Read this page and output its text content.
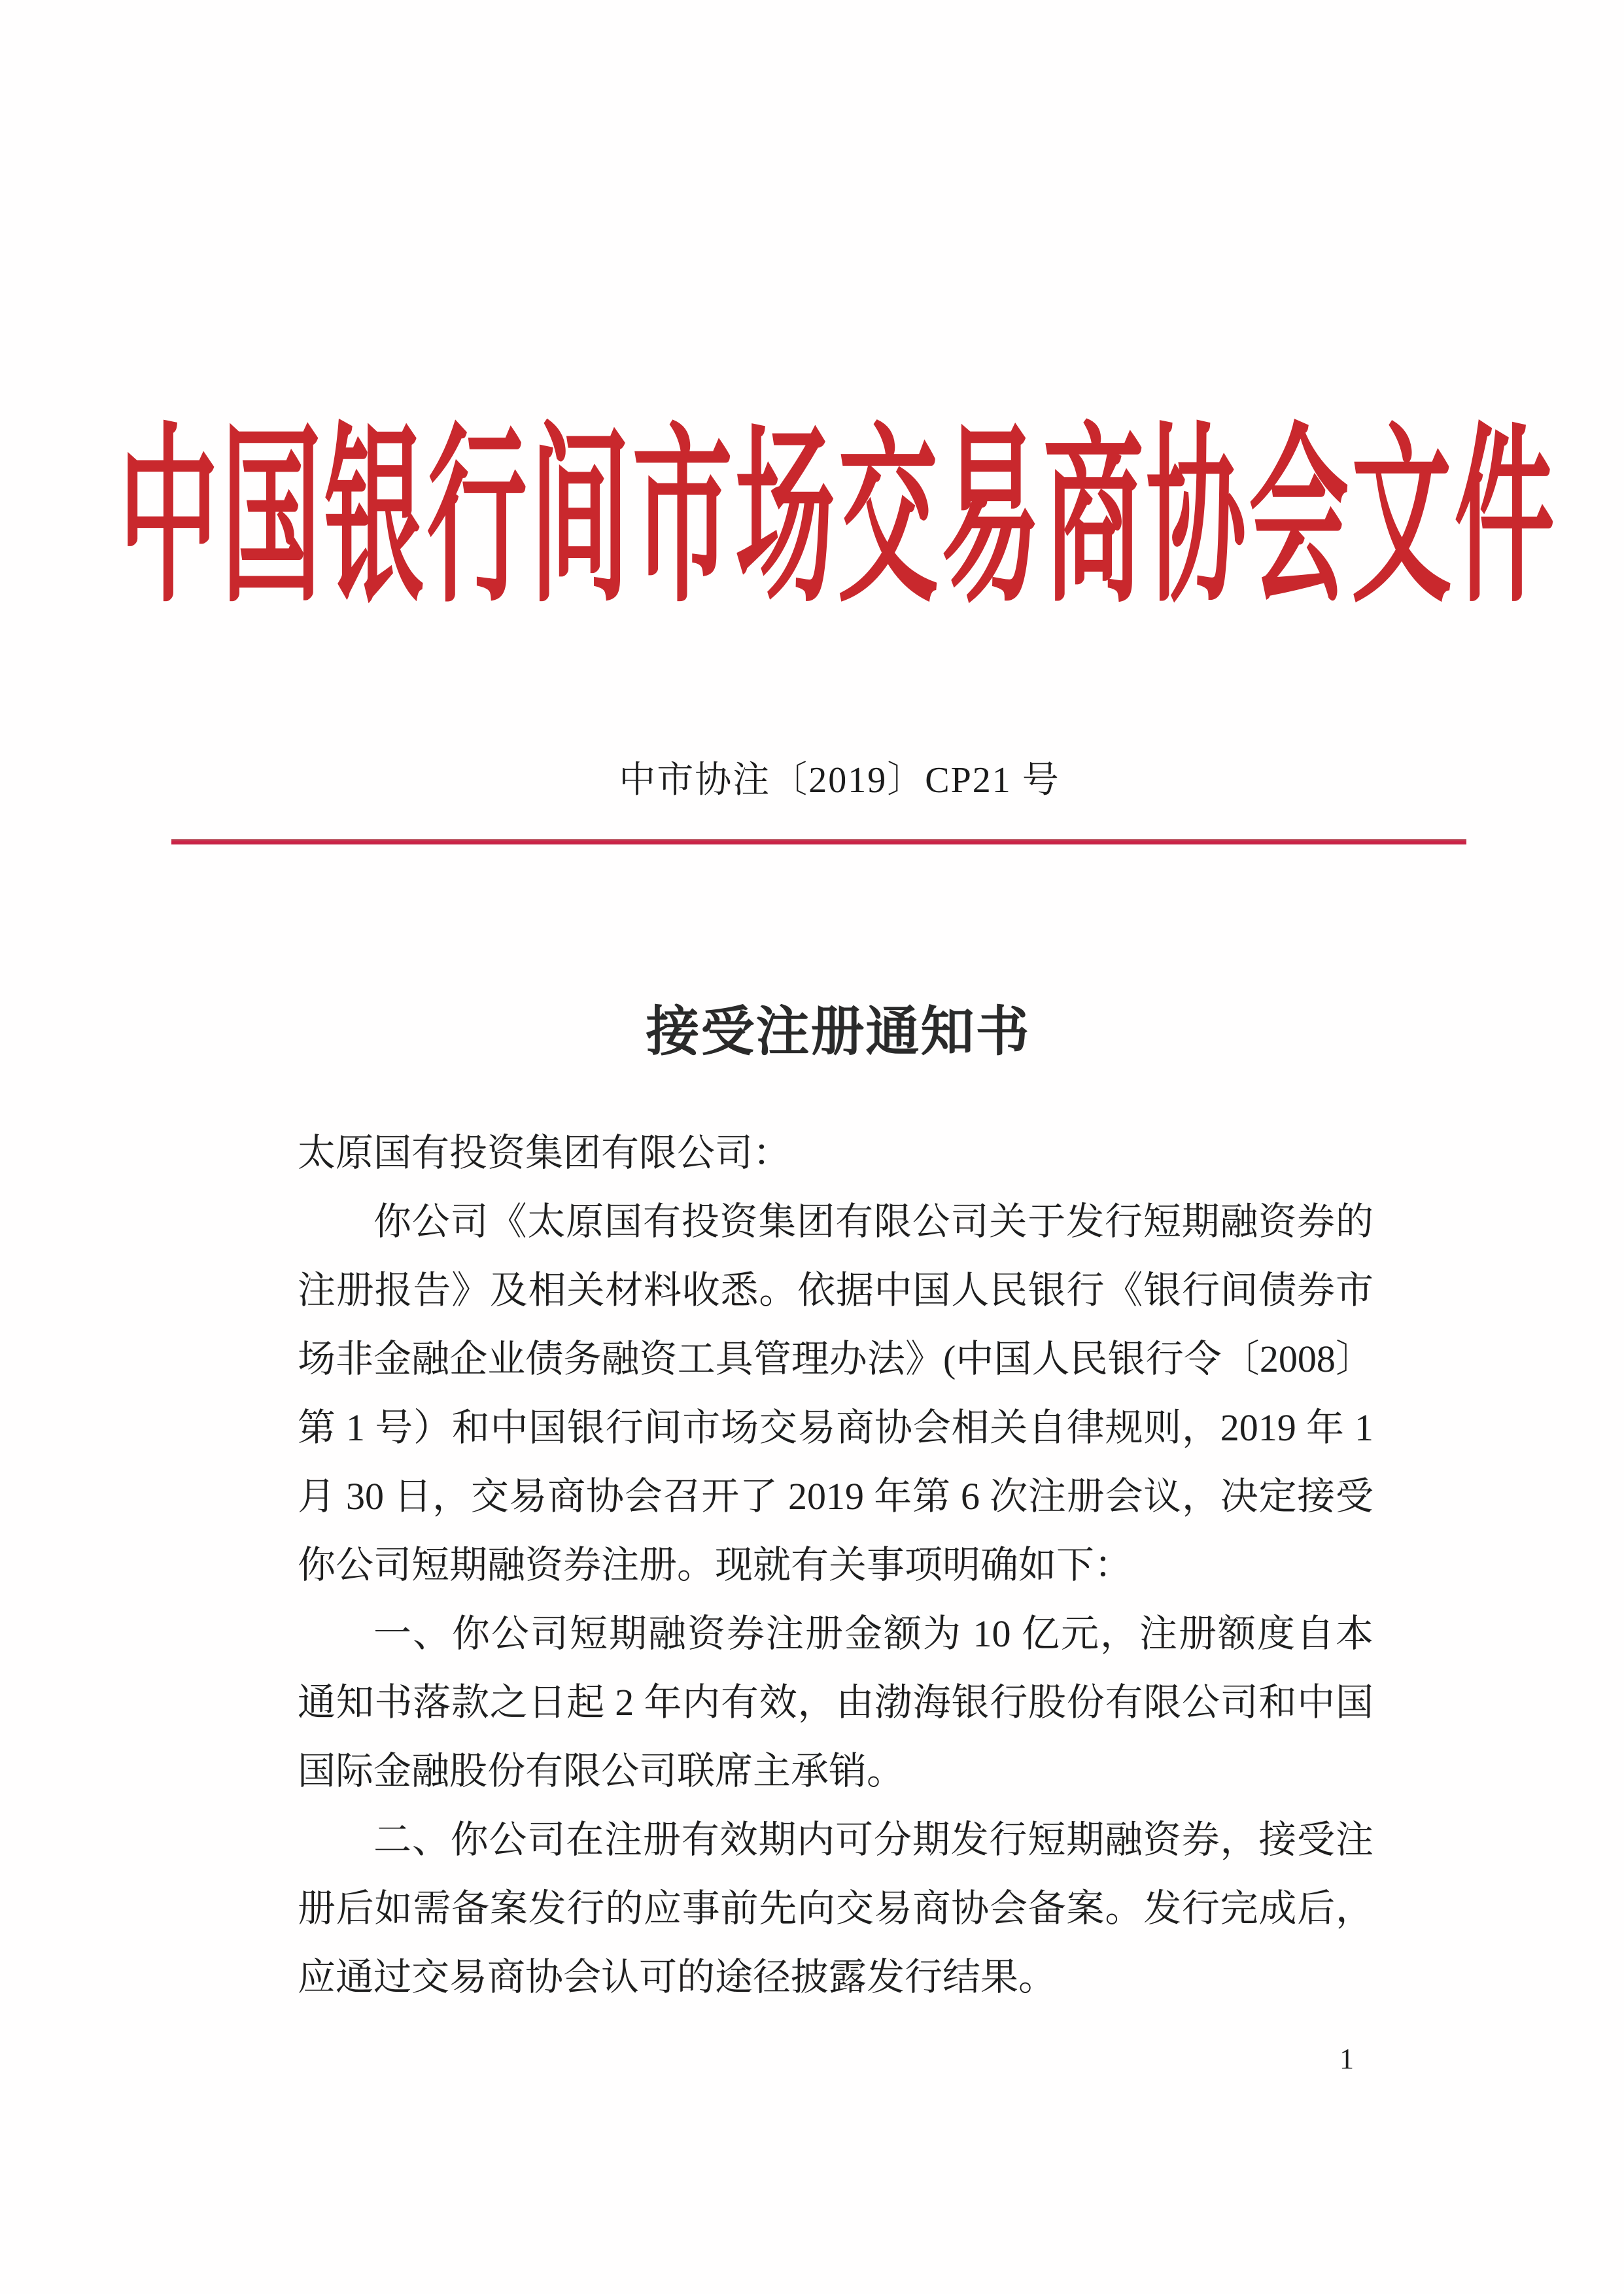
中国银行间市场交易商协会文件
中市协注〔2019〕CP21 号
接受注册通知书
太原国有投资集团有限公司：
你公司《太原国有投资集团有限公司关于发行短期融资券的
注册报告》及相关材料收悉。依据中国人民银行《银行间债券市
场非金融企业债务融资工具管理办法》(中国人民银行令〔2008〕
第 1 号）和中国银行间市场交易商协会相关自律规则，2019 年 1
月 30 日，交易商协会召开了 2019 年第 6 次注册会议，决定接受
你公司短期融资券注册。现就有关事项明确如下：
一、你公司短期融资券注册金额为 10 亿元，注册额度自本
通知书落款之日起 2 年内有效，由渤海银行股份有限公司和中国
国际金融股份有限公司联席主承销。
二、你公司在注册有效期内可分期发行短期融资券，接受注
册后如需备案发行的应事前先向交易商协会备案。发行完成后，
应通过交易商协会认可的途径披露发行结果。
1
